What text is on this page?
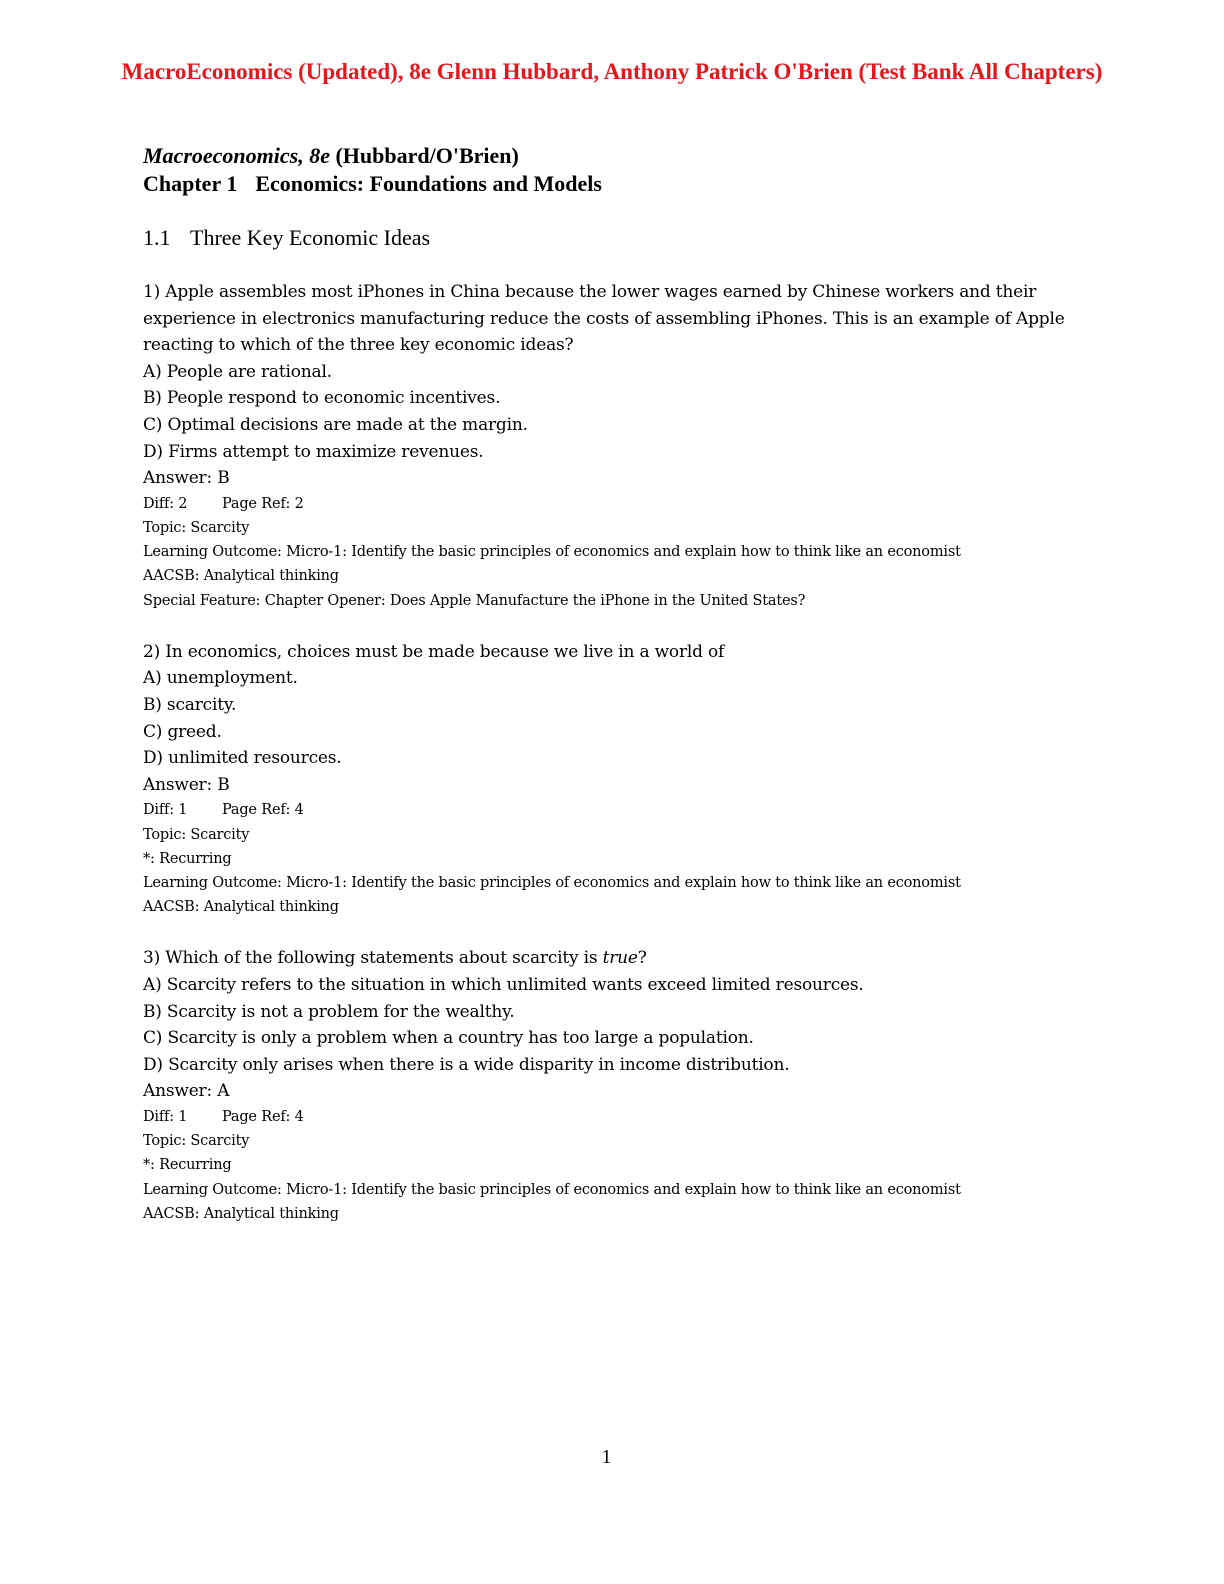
MacroEconomics (Updated), 8e Glenn Hubbard, Anthony Patrick O'Brien (Test Bank All Chapters)
Macroeconomics, 8e (Hubbard/O'Brien)
Chapter 1 Economics: Foundations and Models
1.1 Three Key Economic Ideas
1) Apple assembles most iPhones in China because the lower wages earned by Chinese workers and their experience in electronics manufacturing reduce the costs of assembling iPhones. This is an example of Apple reacting to which of the three key economic ideas?
A) People are rational.
B) People respond to economic incentives.
C) Optimal decisions are made at the margin.
D) Firms attempt to maximize revenues.
Answer: B
Diff: 2 Page Ref: 2
Topic: Scarcity
Learning Outcome: Micro-1: Identify the basic principles of economics and explain how to think like an economist
AACSB: Analytical thinking
Special Feature: Chapter Opener: Does Apple Manufacture the iPhone in the United States?
2) In economics, choices must be made because we live in a world of
A) unemployment.
B) scarcity.
C) greed.
D) unlimited resources.
Answer: B
Diff: 1 Page Ref: 4
Topic: Scarcity
*: Recurring
Learning Outcome: Micro-1: Identify the basic principles of economics and explain how to think like an economist
AACSB: Analytical thinking
3) Which of the following statements about scarcity is true?
A) Scarcity refers to the situation in which unlimited wants exceed limited resources.
B) Scarcity is not a problem for the wealthy.
C) Scarcity is only a problem when a country has too large a population.
D) Scarcity only arises when there is a wide disparity in income distribution.
Answer: A
Diff: 1 Page Ref: 4
Topic: Scarcity
*: Recurring
Learning Outcome: Micro-1: Identify the basic principles of economics and explain how to think like an economist
AACSB: Analytical thinking
1
